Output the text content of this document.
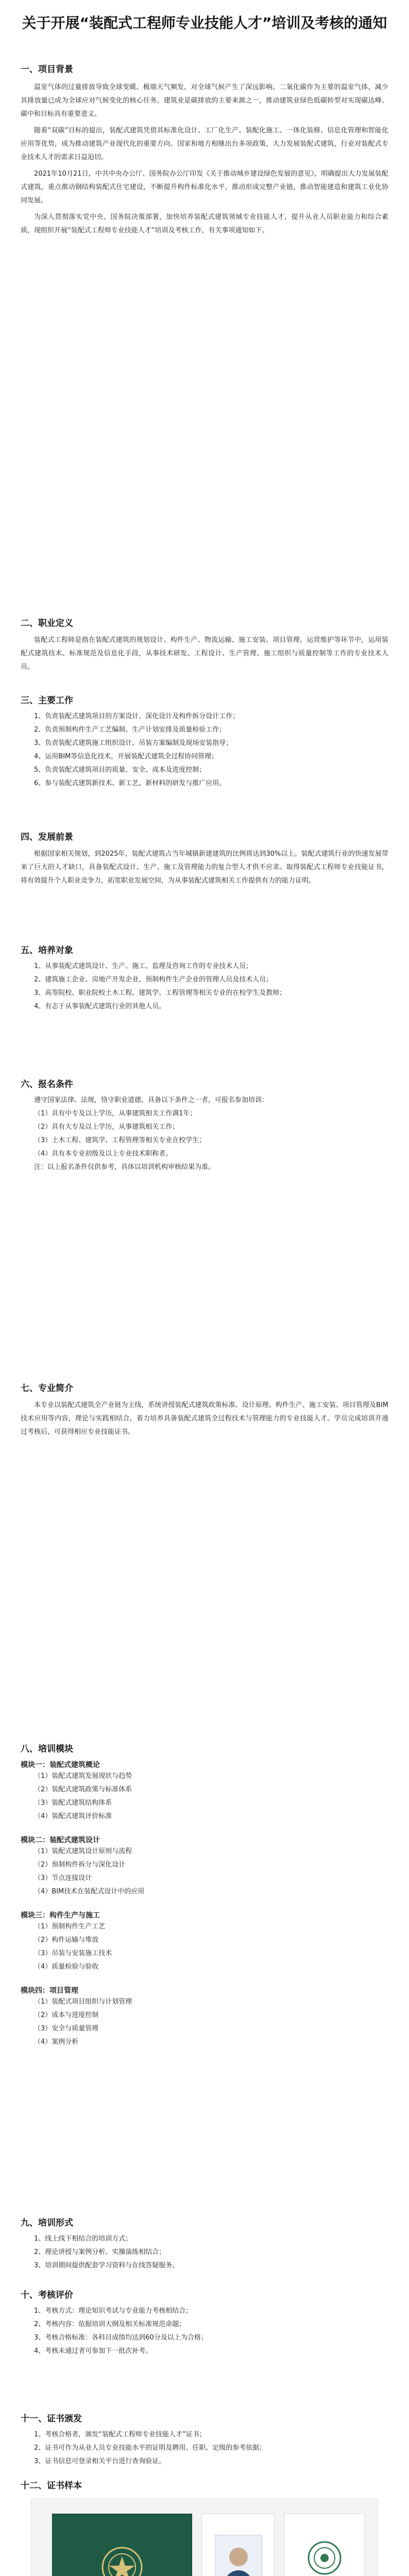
关于开展“装配式工程师专业技能人才”培训及考核的通知

一、项目背景

温室气体的过量排放导致全球变暖、极端天气频发，对全球气候产生了深远影响。二氧化碳作为主要的温室气体，减少其排放量已成为全球应对气候变化的核心任务。建筑业是碳排放的主要来源之一，推动建筑业绿色低碳转型对实现碳达峰、碳中和目标具有重要意义。

随着“双碳”目标的提出，装配式建筑凭借其标准化设计、工厂化生产、装配化施工、一体化装修、信息化管理和智能化应用等优势，成为推动建筑产业现代化的重要方向。国家和地方相继出台多项政策，大力发展装配式建筑，行业对装配式专业技术人才的需求日益迫切。

2021年10月21日，中共中央办公厅、国务院办公厅印发《关于推动城乡建设绿色发展的意见》，明确提出大力发展装配式建筑，重点推动钢结构装配式住宅建设，不断提升构件标准化水平，推动形成完整产业链，推动智能建造和建筑工业化协同发展。

为深入贯彻落实党中央、国务院决策部署，加快培养装配式建筑领域专业技能人才，提升从业人员职业能力和综合素质，现组织开展“装配式工程师专业技能人才”培训及考核工作，有关事项通知如下。

二、职业定义

装配式工程师是指在装配式建筑的规划设计、构件生产、物流运输、施工安装、项目管理、运营维护等环节中，运用装配式建筑技术、标准规范及信息化手段，从事技术研发、工程设计、生产管理、施工组织与质量控制等工作的专业技术人员。

三、主要工作

1、负责装配式建筑项目的方案设计、深化设计及构件拆分设计工作；

2、负责预制构件生产工艺编制、生产计划安排及质量检验工作；

3、负责装配式建筑施工组织设计、吊装方案编制及现场安装指导；

4、运用BIM等信息化技术，开展装配式建筑全过程协同管理；

5、负责装配式建筑项目的质量、安全、成本及进度控制；

6、参与装配式建筑新技术、新工艺、新材料的研发与推广应用。

四、发展前景

根据国家相关规划，到2025年，装配式建筑占当年城镇新建建筑的比例将达到30%以上。装配式建筑行业的快速发展带来了巨大的人才缺口，具备装配式设计、生产、施工及管理能力的复合型人才供不应求。取得装配式工程师专业技能证书，将有效提升个人职业竞争力，拓宽职业发展空间，为从事装配式建筑相关工作提供有力的能力证明。

五、培养对象

1、从事装配式建筑设计、生产、施工、监理及咨询工作的专业技术人员；

2、建筑施工企业、房地产开发企业、预制构件生产企业的管理人员及技术人员；

3、高等院校、职业院校土木工程、建筑学、工程管理等相关专业的在校学生及教师；

4、有志于从事装配式建筑行业的其他人员。

六、报名条件

遵守国家法律、法规，恪守职业道德，具备以下条件之一者，可报名参加培训：

（1）具有中专及以上学历，从事建筑相关工作满1年；

（2）具有大专及以上学历，从事建筑相关工作；

（3）土木工程、建筑学、工程管理等相关专业在校学生；

（4）具有本专业初级及以上专业技术职称者。

注：以上报名条件仅供参考，具体以培训机构审核结果为准。

七、专业简介

本专业以装配式建筑全产业链为主线，系统讲授装配式建筑政策标准、设计原理、构件生产、施工安装、项目管理及BIM技术应用等内容，理论与实践相结合，着力培养具备装配式建筑全过程技术与管理能力的专业技能人才。学员完成培训并通过考核后，可获得相应专业技能证书。

八、培训模块

模块一：装配式建筑概论

（1）装配式建筑发展现状与趋势

（2）装配式建筑政策与标准体系

（3）装配式建筑结构体系

（4）装配式建筑评价标准

模块二：装配式建筑设计

（1）装配式建筑设计原则与流程

（2）预制构件拆分与深化设计

（3）节点连接设计

（4）BIM技术在装配式设计中的应用

模块三：构件生产与施工

（1）预制构件生产工艺

（2）构件运输与堆放

（3）吊装与安装施工技术

（4）质量检验与验收

模块四：项目管理

（1）装配式项目组织与计划管理

（2）成本与进度控制

（3）安全与质量管理

（4）案例分析

九、培训形式

1、线上线下相结合的培训方式；

2、理论讲授与案例分析、实操演练相结合；

3、培训期间提供配套学习资料与在线答疑服务。

十、考核评价

1、考核方式：理论知识考试与专业能力考核相结合；

2、考核内容：依据培训大纲及相关标准规范命题；

3、考核合格标准：各科目成绩均达到60分及以上为合格；

4、考核未通过者可参加下一批次补考。

十一、证书颁发

1、考核合格者，颁发“装配式工程师专业技能人才”证书；

2、证书可作为从业人员专业技能水平的证明及聘用、任职、定级的参考依据；

3、证书信息可登录相关平台进行查询验证。

十二、证书样本
